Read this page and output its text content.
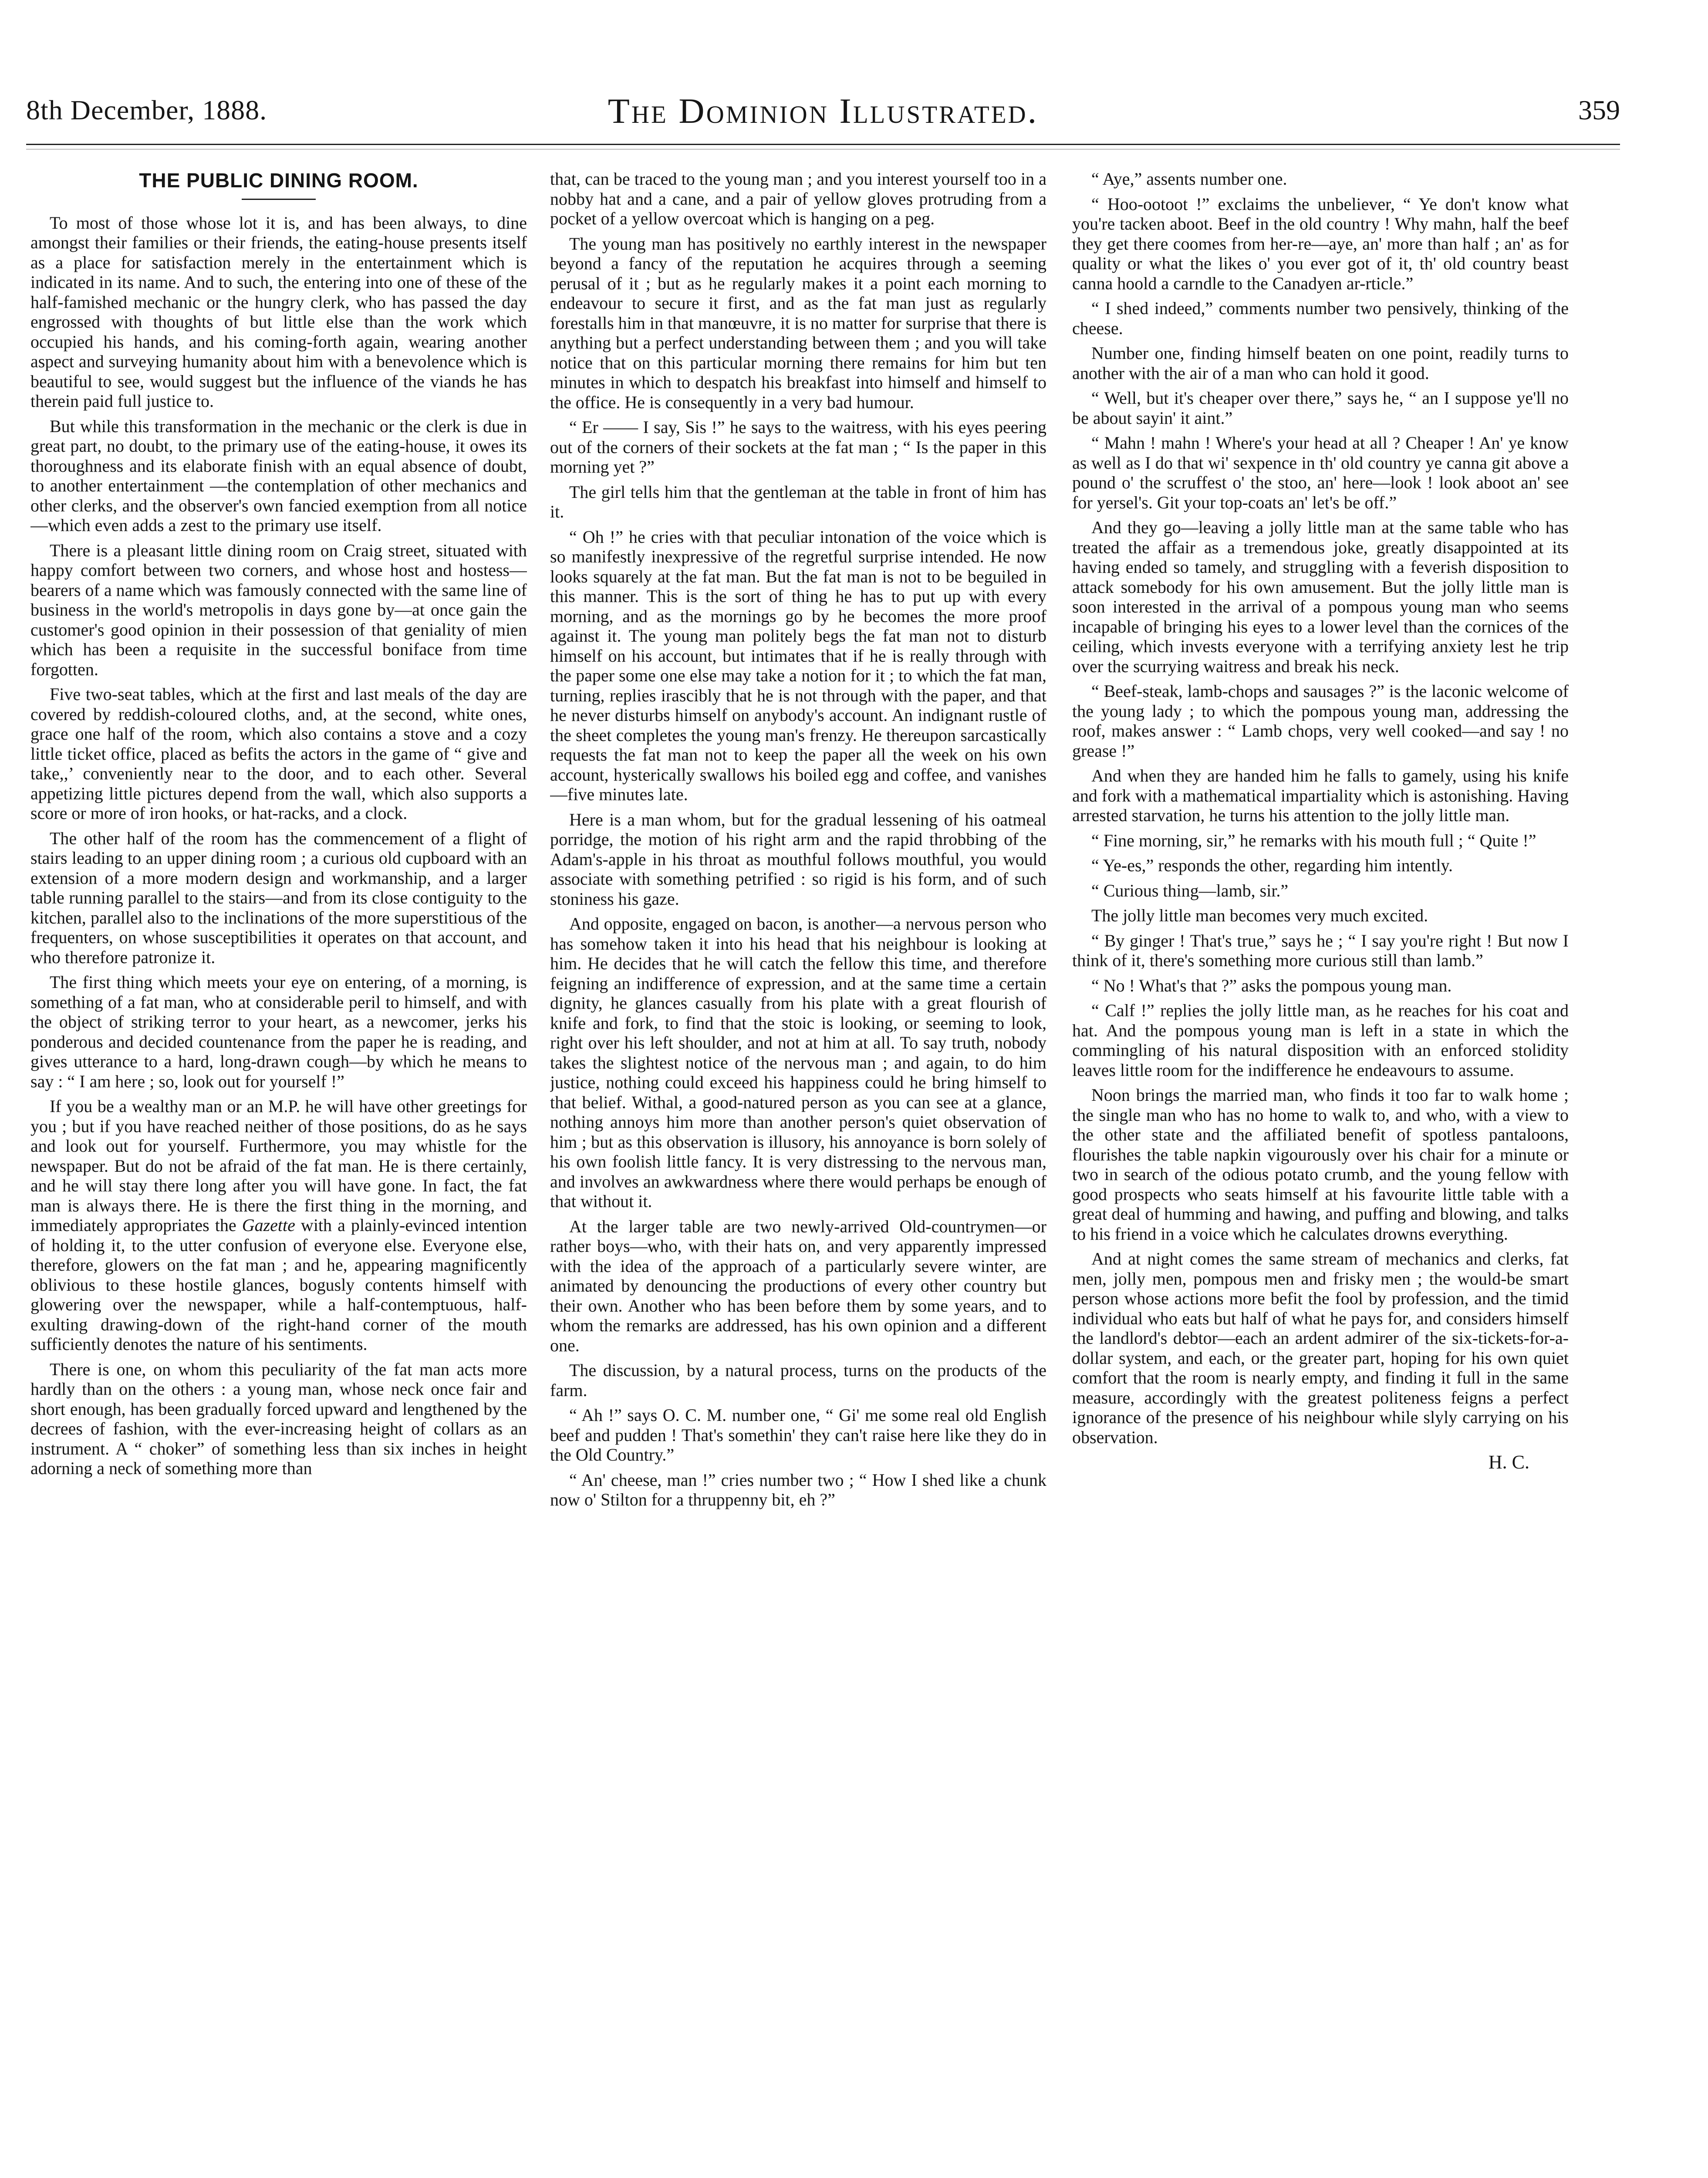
8th December, 1888.	The Dominion Illustrated.	359
THE PUBLIC DINING ROOM.

To most of those whose lot it is, and has been always, to dine amongst their families or their friends, the eating-house presents itself as a place for satisfaction merely in the entertainment which is indicated in its name. And to such, the entering into one of these of the half-famished mechanic or the hungry clerk, who has passed the day engrossed with thoughts of but little else than the work which occupied his hands, and his coming-forth again, wearing another aspect and surveying humanity about him with a benevolence which is beautiful to see, would suggest but the influence of the viands he has therein paid full justice to.

But while this transformation in the mechanic or the clerk is due in great part, no doubt, to the primary use of the eating-house, it owes its thoroughness and its elaborate finish with an equal absence of doubt, to another entertainment —the contemplation of other mechanics and other clerks, and the observer's own fancied exemption from all notice—which even adds a zest to the primary use itself.

There is a pleasant little dining room on Craig street, situated with happy comfort between two corners, and whose host and hostess—bearers of a name which was famously connected with the same line of business in the world's metropolis in days gone by—at once gain the customer's good opinion in their possession of that geniality of mien which has been a requisite in the successful boniface from time forgotten.

Five two-seat tables, which at the first and last meals of the day are covered by reddish-coloured cloths, and, at the second, white ones, grace one half of the room, which also contains a stove and a cozy little ticket office, placed as befits the actors in the game of “ give and take,,’ conveniently near to the door, and to each other. Several appetizing little pictures depend from the wall, which also supports a score or more of iron hooks, or hat-racks, and a clock.

The other half of the room has the commencement of a flight of stairs leading to an upper dining room ; a curious old cupboard with an extension of a more modern design and workmanship, and a larger table running parallel to the stairs—and from its close contiguity to the kitchen, parallel also to the inclinations of the more superstitious of the frequenters, on whose susceptibilities it operates on that account, and who therefore patronize it.

The first thing which meets your eye on entering, of a morning, is something of a fat man, who at considerable peril to himself, and with the object of striking terror to your heart, as a newcomer, jerks his ponderous and decided countenance from the paper he is reading, and gives utterance to a hard, long-drawn cough—by which he means to say : “ I am here ; so, look out for yourself !”

If you be a wealthy man or an M.P. he will have other greetings for you ; but if you have reached neither of those positions, do as he says and look out for yourself. Furthermore, you may whistle for the newspaper. But do not be afraid of the fat man. He is there certainly, and he will stay there long after you will have gone. In fact, the fat man is always there. He is there the first thing in the morning, and immediately appropriates the Gazette with a plainly-evinced intention of holding it, to the utter confusion of everyone else. Everyone else, therefore, glowers on the fat man ; and he, appearing magnificently oblivious to these hostile glances, bogusly contents himself with glowering over the newspaper, while a half-contemptuous, half-exulting drawing-down of the right-hand corner of the mouth sufficiently denotes the nature of his sentiments.

There is one, on whom this peculiarity of the fat man acts more hardly than on the others : a young man, whose neck once fair and short enough, has been gradually forced upward and lengthened by the decrees of fashion, with the ever-increasing height of collars as an instrument. A “ choker” of something less than six inches in height adorning a neck of something more than

that, can be traced to the young man ; and you interest yourself too in a nobby hat and a cane, and a pair of yellow gloves protruding from a pocket of a yellow overcoat which is hanging on a peg.

The young man has positively no earthly interest in the newspaper beyond a fancy of the reputation he acquires through a seeming perusal of it ; but as he regularly makes it a point each morning to endeavour to secure it first, and as the fat man just as regularly forestalls him in that manœuvre, it is no matter for surprise that there is anything but a perfect understanding between them ; and you will take notice that on this particular morning there remains for him but ten minutes in which to despatch his breakfast into himself and himself to the office. He is consequently in a very bad humour.

“ Er —— I say, Sis !” he says to the waitress, with his eyes peering out of the corners of their sockets at the fat man ; “ Is the paper in this morning yet ?”

The girl tells him that the gentleman at the table in front of him has it.

“ Oh !” he cries with that peculiar intonation of the voice which is so manifestly inexpressive of the regretful surprise intended. He now looks squarely at the fat man. But the fat man is not to be beguiled in this manner. This is the sort of thing he has to put up with every morning, and as the mornings go by he becomes the more proof against it. The young man politely begs the fat man not to disturb himself on his account, but intimates that if he is really through with the paper some one else may take a notion for it ; to which the fat man, turning, replies irascibly that he is not through with the paper, and that he never disturbs himself on anybody's account. An indignant rustle of the sheet completes the young man's frenzy. He thereupon sarcastically requests the fat man not to keep the paper all the week on his own account, hysterically swallows his boiled egg and coffee, and vanishes—five minutes late.

Here is a man whom, but for the gradual lessening of his oatmeal porridge, the motion of his right arm and the rapid throbbing of the Adam's-apple in his throat as mouthful follows mouthful, you would associate with something petrified : so rigid is his form, and of such stoniness his gaze.

And opposite, engaged on bacon, is another—a nervous person who has somehow taken it into his head that his neighbour is looking at him. He decides that he will catch the fellow this time, and therefore feigning an indifference of expression, and at the same time a certain dignity, he glances casually from his plate with a great flourish of knife and fork, to find that the stoic is looking, or seeming to look, right over his left shoulder, and not at him at all. To say truth, nobody takes the slightest notice of the nervous man ; and again, to do him justice, nothing could exceed his happiness could he bring himself to that belief. Withal, a good-natured person as you can see at a glance, nothing annoys him more than another person's quiet observation of him ; but as this observation is illusory, his annoyance is born solely of his own foolish little fancy. It is very distressing to the nervous man, and involves an awkwardness where there would perhaps be enough of that without it.

At the larger table are two newly-arrived Old-countrymen—or rather boys—who, with their hats on, and very apparently impressed with the idea of the approach of a particularly severe winter, are animated by denouncing the productions of every other country but their own. Another who has been before them by some years, and to whom the remarks are addressed, has his own opinion and a different one.

The discussion, by a natural process, turns on the products of the farm.

“ Ah !” says O. C. M. number one, “ Gi' me some real old English beef and pudden ! That's somethin' they can't raise here like they do in the Old Country.”

“ An' cheese, man !” cries number two ; “ How I shed like a chunk now o' Stilton for a thruppenny bit, eh ?”

“ Aye,” assents number one.

“ Hoo-ootoot !” exclaims the unbeliever, “ Ye don't know what you're tacken aboot. Beef in the old country ! Why mahn, half the beef they get there coomes from her-re—aye, an' more than half ; an' as for quality or what the likes o' you ever got of it, th' old country beast canna hoold a carndle to the Canadyen ar-rticle.”

“ I shed indeed,” comments number two pensively, thinking of the cheese.

Number one, finding himself beaten on one point, readily turns to another with the air of a man who can hold it good.

“ Well, but it's cheaper over there,” says he, “ an I suppose ye'll no be about sayin' it aint.”

“ Mahn ! mahn ! Where's your head at all ? Cheaper ! An' ye know as well as I do that wi' sexpence in th' old country ye canna git above a pound o' the scruffest o' the stoo, an' here—look ! look aboot an' see for yersel's. Git your top-coats an' let's be off.”

And they go—leaving a jolly little man at the same table who has treated the affair as a tremendous joke, greatly disappointed at its having ended so tamely, and struggling with a feverish disposition to attack somebody for his own amusement. But the jolly little man is soon interested in the arrival of a pompous young man who seems incapable of bringing his eyes to a lower level than the cornices of the ceiling, which invests everyone with a terrifying anxiety lest he trip over the scurrying waitress and break his neck.

“ Beef-steak, lamb-chops and sausages ?” is the laconic welcome of the young lady ; to which the pompous young man, addressing the roof, makes answer : “ Lamb chops, very well cooked—and say ! no grease !”

And when they are handed him he falls to gamely, using his knife and fork with a mathematical impartiality which is astonishing. Having arrested starvation, he turns his attention to the jolly little man.

“ Fine morning, sir,” he remarks with his mouth full ; “ Quite !”

“ Ye-es,” responds the other, regarding him intently.

“ Curious thing—lamb, sir.”

The jolly little man becomes very much excited.

“ By ginger ! That's true,” says he ; “ I say you're right ! But now I think of it, there's something more curious still than lamb.”

“ No ! What's that ?” asks the pompous young man.

“ Calf !” replies the jolly little man, as he reaches for his coat and hat. And the pompous young man is left in a state in which the commingling of his natural disposition with an enforced stolidity leaves little room for the indifference he endeavours to assume.

Noon brings the married man, who finds it too far to walk home ; the single man who has no home to walk to, and who, with a view to the other state and the affiliated benefit of spotless pantaloons, flourishes the table napkin vigourously over his chair for a minute or two in search of the odious potato crumb, and the young fellow with good prospects who seats himself at his favourite little table with a great deal of humming and hawing, and puffing and blowing, and talks to his friend in a voice which he calculates drowns everything.

And at night comes the same stream of mechanics and clerks, fat men, jolly men, pompous men and frisky men ; the would-be smart person whose actions more befit the fool by profession, and the timid individual who eats but half of what he pays for, and considers himself the landlord's debtor—each an ardent admirer of the six-tickets-for-a-dollar system, and each, or the greater part, hoping for his own quiet comfort that the room is nearly empty, and finding it full in the same measure, accordingly with the greatest politeness feigns a perfect ignorance of the presence of his neighbour while slyly carrying on his observation.

H. C.
